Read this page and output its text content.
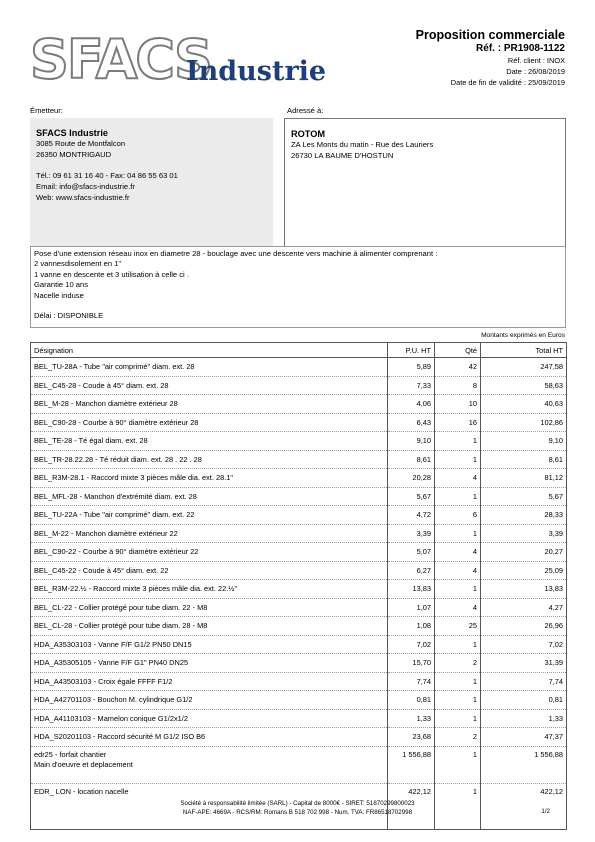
SFACS
Industrie
Proposition commerciale
Réf. : PR1908-1122
Réf. client : INOX
Date : 26/08/2019
Date de fin de validité : 25/09/2019
Émetteur:	Adressé à:
SFACS Industrie
3085 Route de Montfalcon
26350 MONTRIGAUD
Tél.: 09 61 31 16 40 - Fax: 04 86 55 63 01
Email: info@sfacs-industrie.fr
Web: www.sfacs-industrie.fr
ROTOM
ZA Les Monts du matin - Rue des Lauriers
26730 LA BAUME D'HOSTUN
Pose d'une extension réseau inox en diametre 28 - bouclage avec une descente vers machine à alimenter comprenant :
2 vannesdisolement en 1"
1 vanne en descente et 3 utilisation à celle ci .
Garantie 10 ans
Nacelle induse
Délai : DISPONIBLE
Montants exprimés en Euros
Désignation	P.U. HT	Qté	Total HT
BEL_TU-28A - Tube "air comprimé" diam. ext. 28	5,89	42	247,58
BEL_C45-28 - Coude à 45° diam. ext. 28	7,33	8	58,63
BEL_M-28 - Manchon diamètre extérieur 28	4,06	10	40,63
BEL_C90-28 - Courbe à 90° diamètre extérieur 28	6,43	16	102,86
BEL_TE-28 - Té égal diam. ext. 28	9,10	1	9,10
BEL_TR-28.22.28 - Té réduit diam. ext. 28 . 22 . 28	8,61	1	8,61
BEL_R3M-28.1 - Raccord mixte 3 pièces mâle dia. ext. 28.1"	20,28	4	81,12
BEL_MFL-28 - Manchon d'extrémité diam. ext. 28	5,67	1	5,67
BEL_TU-22A - Tube "air comprimé" diam. ext. 22	4,72	6	28,33
BEL_M-22 - Manchon diamètre extérieur 22	3,39	1	3,39
BEL_C90-22 - Courbe à 90° diamètre extérieur 22	5,07	4	20,27
BEL_C45-22 - Coude à 45° diam. ext. 22	6,27	4	25,09
BEL_R3M-22.½ - Raccord mixte 3 pièces mâle dia. ext. 22.½"	13,83	1	13,83
BEL_CL-22 - Collier protégé pour tube diam. 22 - M8	1,07	4	4,27
BEL_CL-28 - Collier protégé pour tube diam. 28 - M8	1,08	25	26,96
HDA_A35303103 - Vanne F/F G1/2 PN50 DN15	7,02	1	7,02
HDA_A35305105 - Vanne F/F G1" PN40 DN25	15,70	2	31,39
HDA_A43503103 - Croix égale FFFF F1/2	7,74	1	7,74
HDA_A42701103 - Bouchon M. cylindrique G1/2	0,81	1	0,81
HDA_A41103103 - Mamelon conique G1/2x1/2	1,33	1	1,33
HDA_S20201103 - Raccord sécurité M G1/2 ISO B6	23,68	2	47,37

edr25 - forfait chantier
Main d'oeuvre et deplacement	1 556,88	1	1 556,88
EDR_ LON - location nacelle	422,12	1	422,12
Société à responsabilité limitée (SARL) - Capital de 8000€ - SIRET: 51870299800023
NAF-APE: 4669A - RCS/RM: Romans B 518 702 998 - Num. TVA: FR86518702998	1/2
